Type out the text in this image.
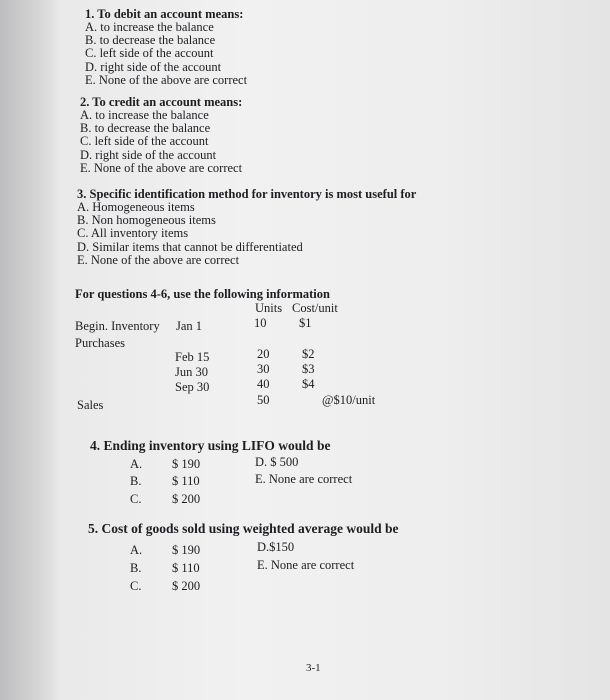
1. To debit an account means:
A. to increase the balance
B. to decrease the balance
C. left side of the account
D. right side of the account
E. None of the above are correct
2. To credit an account means:
A. to increase the balance
B. to decrease the balance
C. left side of the account
D. right side of the account
E. None of the above are correct
3. Specific identification method for inventory is most useful for
A. Homogeneous items
B. Non homogeneous items
C. All inventory items
D. Similar items that cannot be differentiated
E. None of the above are correct
For questions 4-6, use the following information
Units Cost/unit
Begin. Inventory Jan 1	10	$1
Purchases
Feb 15	20	$2
Jun 30	30	$3
Sep 30	40	$4
Sales	50	@$10/unit
4. Ending inventory using LIFO would be
A. $ 190	D. $ 500
B. $ 110	E. None are correct
C. $ 200
5. Cost of goods sold using weighted average would be
A. $ 190	D.$150
B. $ 110	E. None are correct
C. $ 200
3-1
